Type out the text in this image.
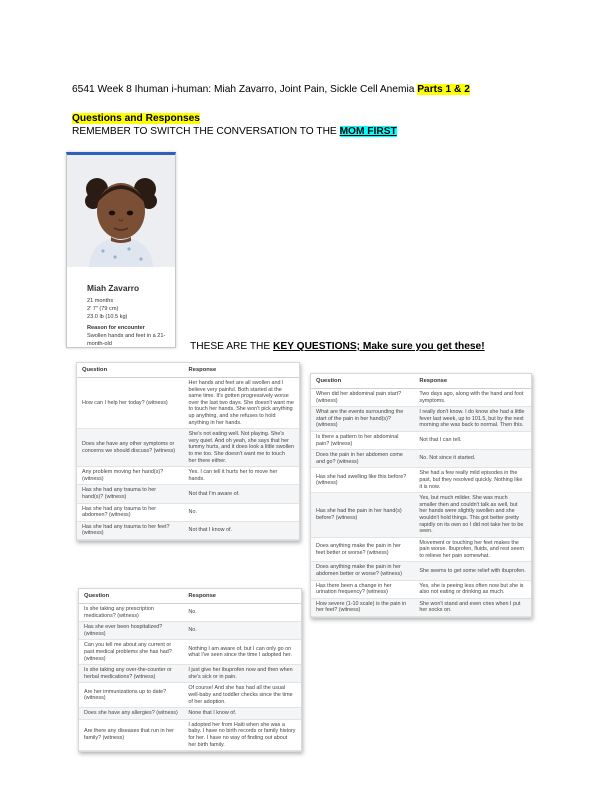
6541 Week 8 Ihuman i-human: Miah Zavarro, Joint Pain, Sickle Cell Anemia Parts 1 & 2
Questions and Responses
REMEMBER TO SWITCH THE CONVERSATION TO THE MOM FIRST
Miah Zavarro
21 months
2' 7" (79 cm)
23.0 lb (10.5 kg)
Reason for encounter
Swollen hands and feet in a 21-
month-old	THESE ARE THE KEY QUESTIONS; Make sure you get these!
Question	Response
How can I help her today? (witness)	Her hands and feet are all swollen and I believe very painful. Both started at the same time. It's gotten progressively worse over the last two days. She doesn't want me to touch her hands. She won't pick anything up anything, and she refuses to hold anything in her hands.
Does she have any other symptoms or concerns we should discuss? (witness)	She's not eating well. Not playing. She's very quiet. And oh yeah, she says that her tummy hurts, and it does look a little swollen to me too. She doesn't want me to touch her there either.
Any problem moving her hand(s)? (witness)	Yes. I can tell it hurts her to move her hands.
Has she had any trauma to her hand(s)? (witness)	Not that I'm aware of.
Has she had any trauma to her abdomen? (witness)	No.
Has she had any trauma to her feet? (witness)	Not that I know of.
Question	Response
When did her abdominal pain start? (witness)	Two days ago, along with the hand and foot symptoms.
What are the events surrounding the start of the pain in her hand(s)? (witness)	I really don't know. I do know she had a little fever last week, up to 101.5, but by the next morning she was back to normal. Then this.
Is there a pattern to her abdominal pain? (witness)	Not that I can tell.
Does the pain in her abdomen come and go? (witness)	No. Not since it started.
Has she had swelling like this before? (witness)	She had a few really mild episodes in the past, but they resolved quickly. Nothing like it is now.
Has she had the pain in her hand(s) before? (witness)	Yes, but much milder. She was much smaller then and couldn't talk as well, but her hands were slightly swollen and she wouldn't hold things. This got better pretty rapidly on its own so I did not take her to be seen.
Does anything make the pain in her feet better or worse? (witness)	Movement or touching her feet makes the pain worse. Ibuprofen, fluids, and rest seem to relieve her pain somewhat.
Does anything make the pain in her abdomen better or worse? (witness)	She seems to get some relief with ibuprofen.
Has there been a change in her urination frequency? (witness)	Yes, she is peeing less often now but she is also not eating or drinking as much.
How severe (1-10 scale) is the pain in her feet? (witness)	She won't stand and even cries when I put her socks on.
Question	Response
Is she taking any prescription medications? (witness)	No.
Has she ever been hospitalized? (witness)	No.
Can you tell me about any current or past medical problems she has had? (witness)	Nothing I am aware of, but I can only go on what I've seen since the time I adopted her.
Is she taking any over-the-counter or herbal medications? (witness)	I just give her ibuprofen now and then when she's sick or in pain.
Are her immunizations up to date? (witness)	Of course! And she has had all the usual well-baby and toddler checks since the time of her adoption.
Does she have any allergies? (witness)	None that I know of.
Are there any diseases that run in her family? (witness)	I adopted her from Haiti when she was a baby. I have no birth records or family history for her. I have no way of finding out about her birth family.
